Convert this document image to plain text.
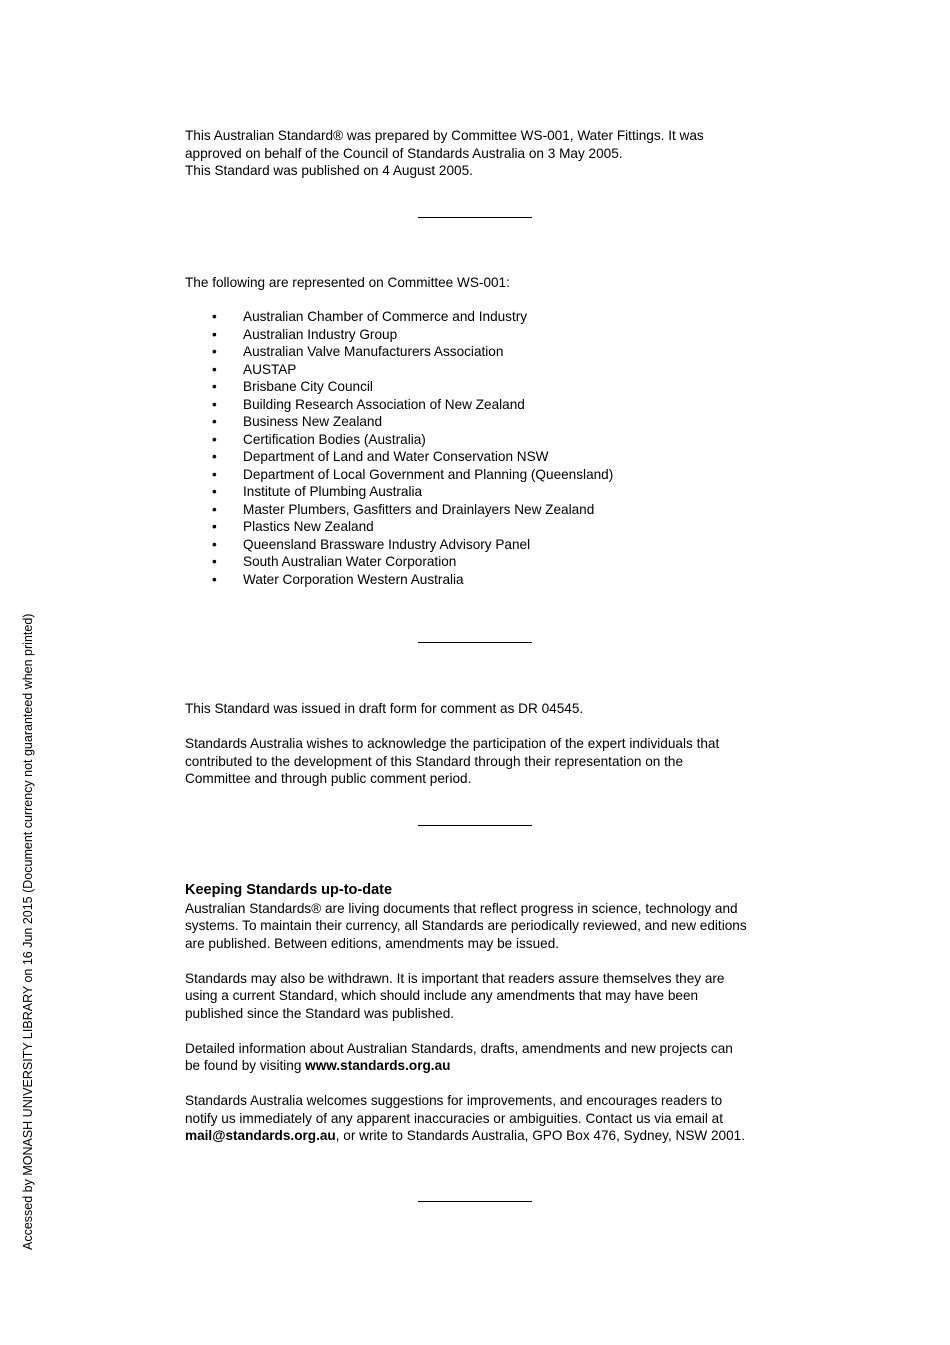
This Australian Standard® was prepared by Committee WS-001, Water Fittings. It was

approved on behalf of the Council of Standards Australia on 3 May 2005.

This Standard was published on 4 August 2005.

The following are represented on Committee WS-001:

• Australian Chamber of Commerce and Industry
• Australian Industry Group
• Australian Valve Manufacturers Association
• AUSTAP
• Brisbane City Council
• Building Research Association of New Zealand
• Business New Zealand
• Certification Bodies (Australia)
• Department of Land and Water Conservation NSW
• Department of Local Government and Planning (Queensland)
• Institute of Plumbing Australia
• Master Plumbers, Gasfitters and Drainlayers New Zealand
• Plastics New Zealand
• Queensland Brassware Industry Advisory Panel
• South Australian Water Corporation
• Water Corporation Western Australia

This Standard was issued in draft form for comment as DR 04545.

Standards Australia wishes to acknowledge the participation of the expert individuals that

contributed to the development of this Standard through their representation on the

Committee and through public comment period.

Keeping Standards up-to-date

Australian Standards® are living documents that reflect progress in science, technology and

systems. To maintain their currency, all Standards are periodically reviewed, and new editions

are published. Between editions, amendments may be issued.

Standards may also be withdrawn. It is important that readers assure themselves they are

using a current Standard, which should include any amendments that may have been

published since the Standard was published.

Detailed information about Australian Standards, drafts, amendments and new projects can

be found by visiting www.standards.org.au

Standards Australia welcomes suggestions for improvements, and encourages readers to

notify us immediately of any apparent inaccuracies or ambiguities. Contact us via email at

mail@standards.org.au, or write to Standards Australia, GPO Box 476, Sydney, NSW 2001.

Accessed by MONASH UNIVERSITY LIBRARY on 16 Jun 2015 (Document currency not guaranteed when printed)
